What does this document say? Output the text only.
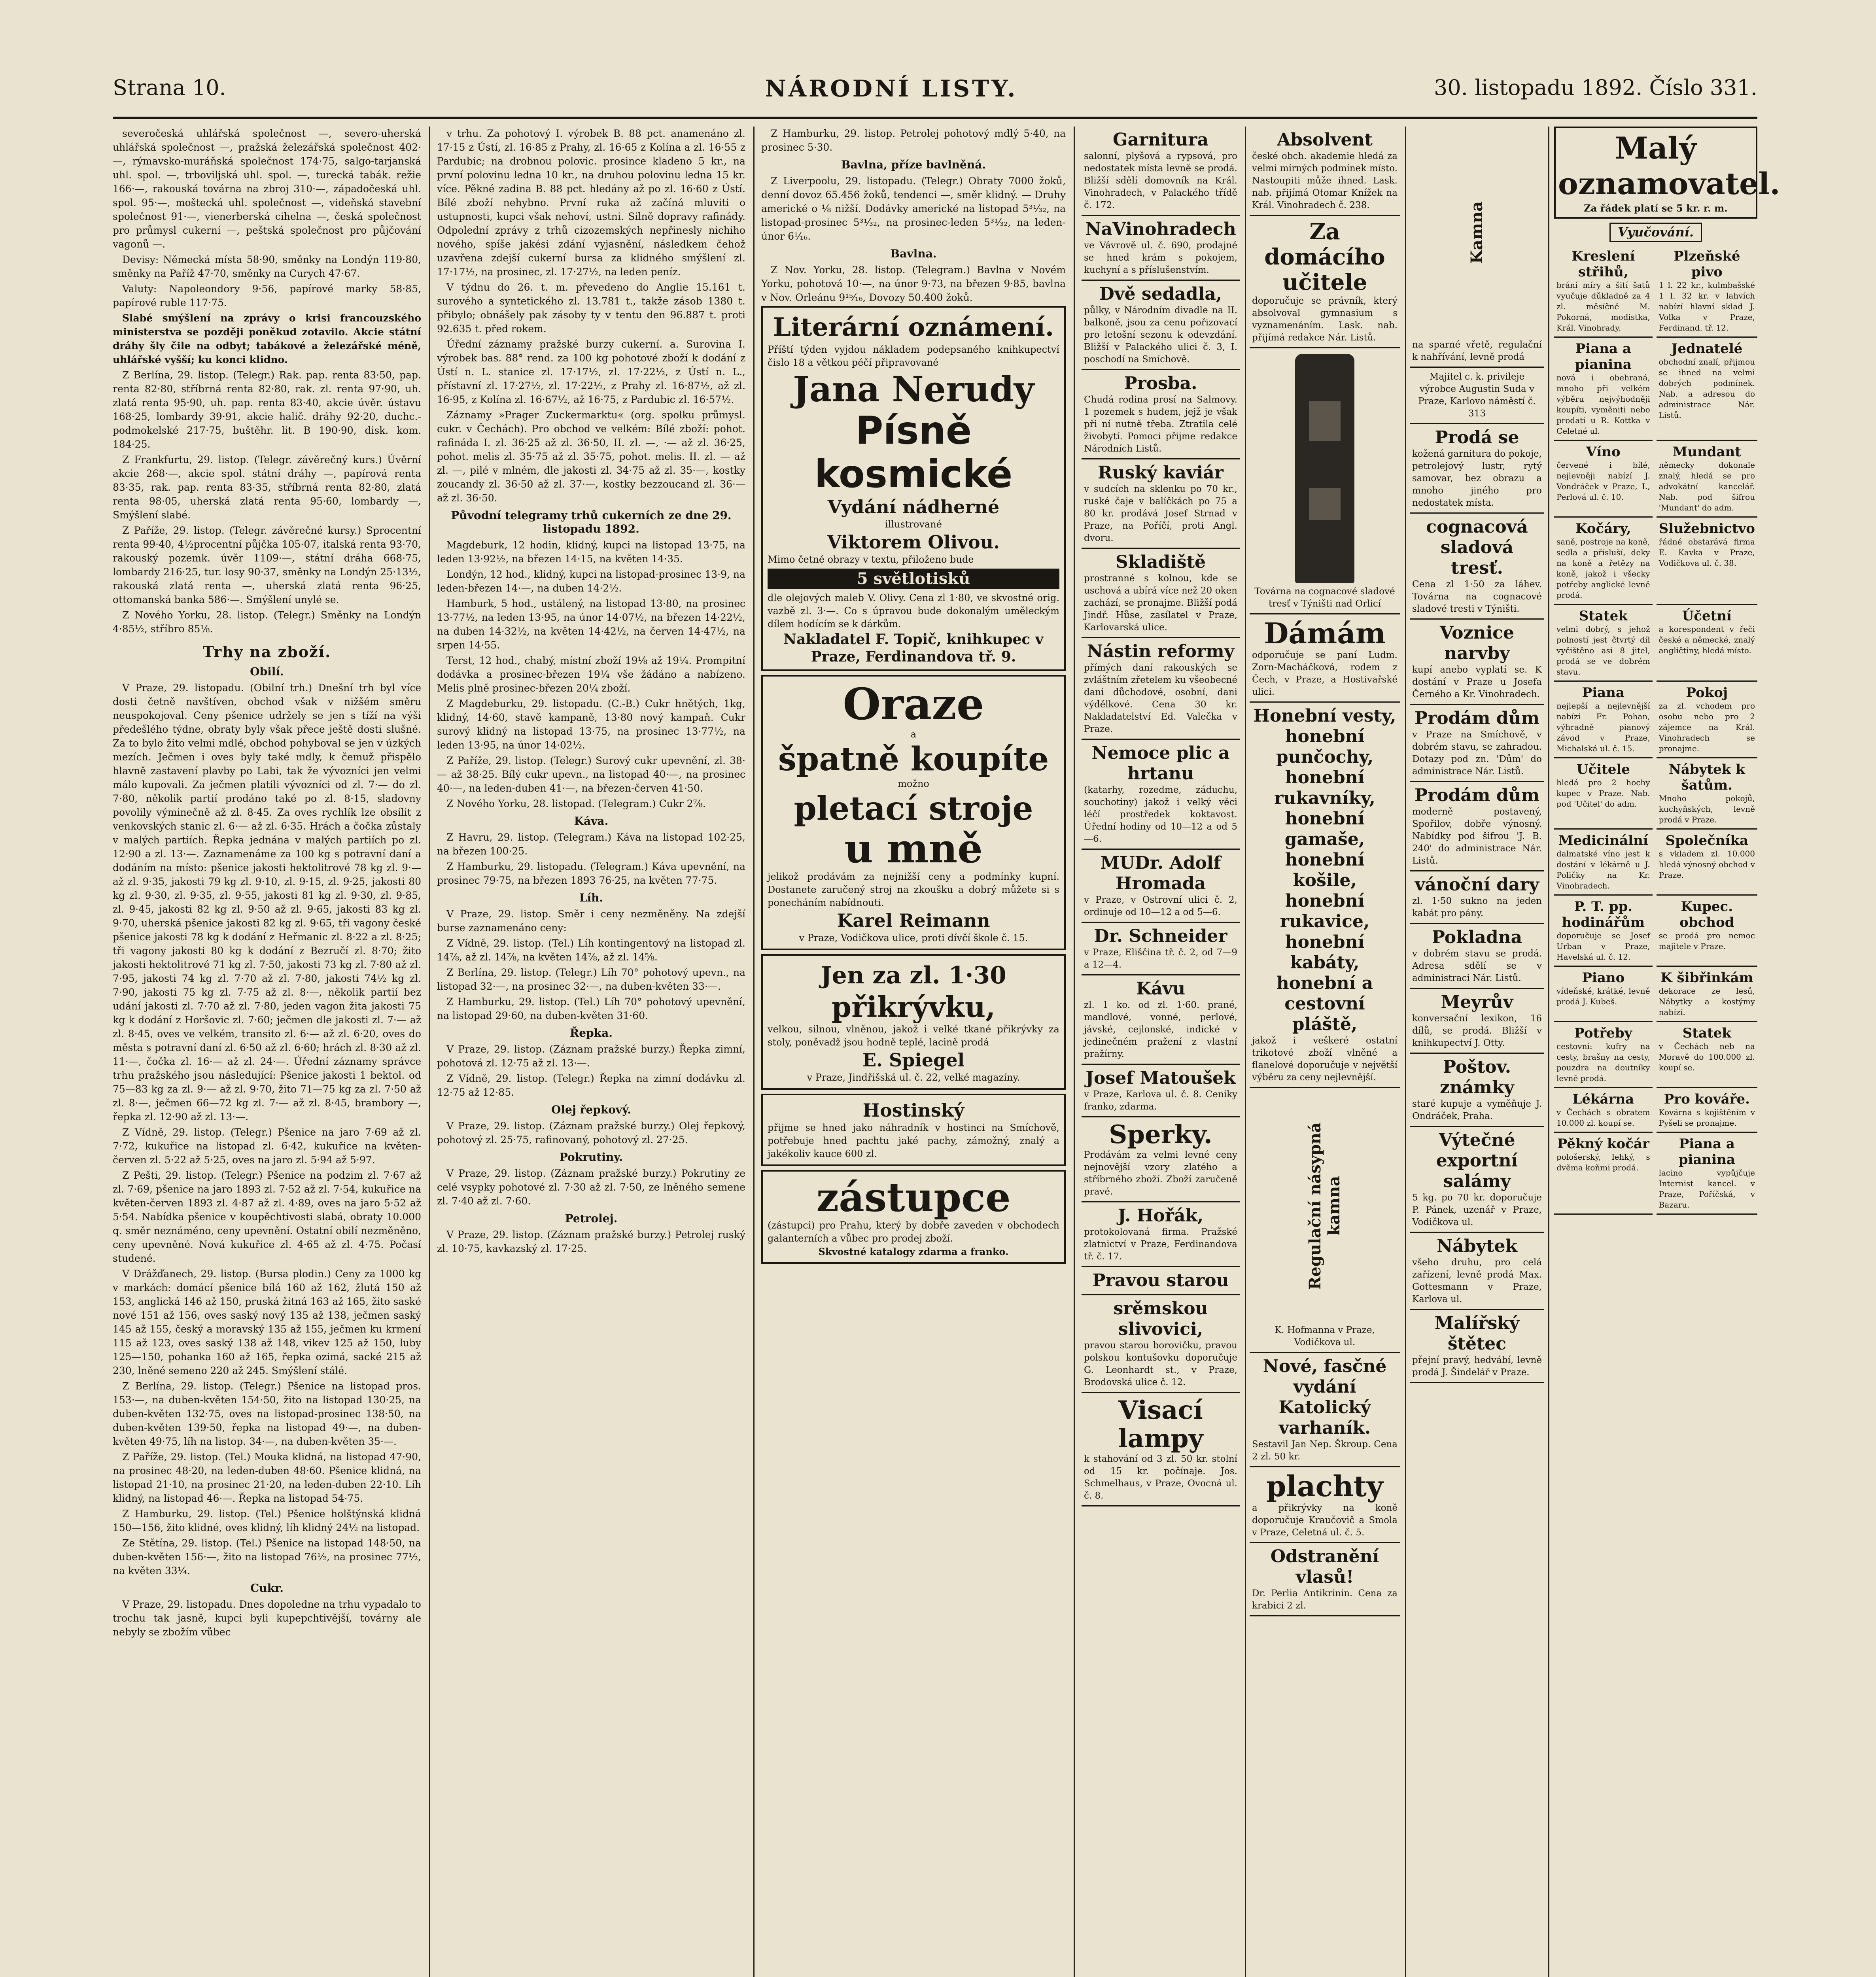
Strana 10.	NÁRODNÍ LISTY.	30. listopadu 1892. Číslo 331.

severočeská uhlářská společnost —, severo-uherská uhlářská společnost —, pražská železářská společnost 402·—, rýmavsko-muráňská společnost 174·75, salgo-tarjanská uhl. spol. —, trboviljská uhl. spol. —, turecká tabák. režie 166·—, rakouská továrna na zbroj 310·—, západočeská uhl. spol. 95·—, moštecká uhl. společnost —, videňská stavební společnost 91·—, vienerberská cihelna —, česká společnost pro průmysl cukerní —, peštská společnost pro půjčování vagonů —.

Devisy: Německá místa 58·90, směnky na Londýn 119·80, směnky na Paříž 47·70, směnky na Curych 47·67.

Valuty: Napoleondory 9·56, papírové marky 58·85, papírové ruble 117·75.

Slabé smýšlení na zprávy o krisi francouzského ministerstva se později poněkud zotavilo. Akcie státní dráhy šly čile na odbyt; tabákové a železářské méně, uhlářské vyšší; ku konci klidno.

Z Berlína, 29. listop. (Telegr.) Rak. pap. renta 83·50, pap. renta 82·80, stříbrná renta 82·80, rak. zl. renta 97·90, uh. zlatá renta 95·90, uh. pap. renta 83·40, akcie úvěr. ústavu 168·25, lombardy 39·91, akcie halič. dráhy 92·20, duchc.-podmokelské 217·75, buštěhr. lit. B 190·90, disk. kom. 184·25.

Z Frankfurtu, 29. listop. (Telegr. závěrečný kurs.) Úvěrní akcie 268·—, akcie spol. státní dráhy —, papírová renta 83·35, rak. pap. renta 83·35, stříbrná renta 82·80, zlatá renta 98·05, uherská zlatá renta 95·60, lombardy —, Smýšlení slabé.

Z Paříže, 29. listop. (Telegr. závěrečné kursy.) Sprocentní renta 99·40, 4½procentní půjčka 105·07, italská renta 93·70, rakouský pozemk. úvěr 1109·—, státní dráha 668·75, lombardy 216·25, tur. losy 90·37, směnky na Londýn 25·13½, rakouská zlatá renta —, uherská zlatá renta 96·25, ottomanská banka 586·—. Smýšlení unylé se.

Z Nového Yorku, 28. listop. (Telegr.) Směnky na Londýn 4·85½, stříbro 85⅛.

Trhy na zboží.
Obilí.

V Praze, 29. listopadu. (Obilní trh.) Dnešní trh byl více dosti četně navštíven, obchod však v nižšém směru neuspokojoval. Ceny pšenice udržely se jen s tíží na výši předešlého týdne, obraty byly však přece ještě dosti slušné. Za to bylo žito velmi mdlé, obchod pohyboval se jen v úzkých mezích. Ječmen i oves byly také mdly, k čemuž přispělo hlavně zastavení plavby po Labi, tak že vývozníci jen velmi málo kupovali. Za ječmen platili vývozníci od zl. 7·— do zl. 7·80, několik partií prodáno také po zl. 8·15, sladovny povolily výminečně až zl. 8·45. Za oves rychlík lze obsílit z venkovských stanic zl. 6·— až zl. 6·35. Hrách a čočka zůstaly v malých partiích. Řepka jednána v malých partiích po zl. 12·90 a zl. 13·—. Zaznamenáme za 100 kg s potravní daní a dodáním na místo: pšenice jakosti hektolitrové 78 kg zl. 9·— až zl. 9·35, jakosti 79 kg zl. 9·10, zl. 9·15, zl. 9·25, jakosti 80 kg zl. 9·30, zl. 9·35, zl. 9·55, jakosti 81 kg zl. 9·30, zl. 9·85, zl. 9·45, jakosti 82 kg zl. 9·50 až zl. 9·65, jakosti 83 kg zl. 9·70, uherská pšenice jakosti 82 kg zl. 9·65, tři vagony české pšenice jakosti 78 kg k dodání z Heřmanic zl. 8·22 a zl. 8·25; tři vagony jakosti 80 kg k dodání z Bezručí zl. 8·70; žito jakosti hektolitrové 71 kg zl. 7·50, jakosti 73 kg zl. 7·80 až zl. 7·95, jakosti 74 kg zl. 7·70 až zl. 7·80, jakosti 74½ kg zl. 7·90, jakosti 75 kg zl. 7·75 až zl. 8·—, několik partií bez udání jakosti zl. 7·70 až zl. 7·80, jeden vagon žita jakosti 75 kg k dodání z Horšovic zl. 7·60; ječmen dle jakosti zl. 7·— až zl. 8·45, oves ve velkém, transito zl. 6·— až zl. 6·20, oves do města s potravní daní zl. 6·50 až zl. 6·60; hrách zl. 8·30 až zl. 11·—, čočka zl. 16·— až zl. 24·—. Úřední záznamy správce trhu pražského jsou následující: Pšenice jakosti 1 bektol. od 75—83 kg za zl. 9·— až zl. 9·70, žito 71—75 kg za zl. 7·50 až zl. 8·—, ječmen 66—72 kg zl. 7·— až zl. 8·45, brambory —, řepka zl. 12·90 až zl. 13·—.

Z Vídně, 29. listop. (Telegr.) Pšenice na jaro 7·69 až zl. 7·72, kukuřice na listopad zl. 6·42, kukuřice na květen-červen zl. 5·22 až 5·25, oves na jaro zl. 5·94 až 5·97.

Z Pešti, 29. listop. (Telegr.) Pšenice na podzim zl. 7·67 až zl. 7·69, pšenice na jaro 1893 zl. 7·52 až zl. 7·54, kukuřice na květen-červen 1893 zl. 4·87 až zl. 4·89, oves na jaro 5·52 až 5·54. Nabídka pšenice v koupěchtivosti slabá, obraty 10.000 q. směr neznáméno, ceny upevnění. Ostatní obilí nezměněno, ceny upevněné. Nová kukuřice zl. 4·65 až zl. 4·75. Počasí studené.

V Drážďanech, 29. listop. (Bursa plodin.) Ceny za 1000 kg v markách: domácí pšenice bílá 160 až 162, žlutá 150 až 153, anglická 146 až 150, pruská žitná 163 až 165, žito saské nové 151 až 156, oves saský nový 135 až 138, ječmen saský 145 až 155, český a moravský 135 až 155, ječmen ku krmení 115 až 123, oves saský 138 až 148, vikev 125 až 150, luby 125—150, pohanka 160 až 165, řepka ozimá, sacké 215 až 230, lněné semeno 220 až 245. Smýšlení stálé.

Z Berlína, 29. listop. (Telegr.) Pšenice na listopad pros. 153·—, na duben-květen 154·50, žito na listopad 130·25, na duben-květen 132·75, oves na listopad-prosinec 138·50, na duben-květen 139·50, řepka na listopad 49·—, na duben-květen 49·75, líh na listop. 34·—, na duben-květen 35·—.

Z Paříže, 29. listop. (Tel.) Mouka klidná, na listopad 47·90, na prosinec 48·20, na leden-duben 48·60. Pšenice klidná, na listopad 21·10, na prosinec 21·20, na leden-duben 22·10. Líh klidný, na listopad 46·—. Řepka na listopad 54·75.

Z Hamburku, 29. listop. (Tel.) Pšenice holštýnská klidná 150—156, žito klidné, oves klidný, líh klidný 24½ na listopad.

Ze Stětína, 29. listop. (Tel.) Pšenice na listopad 148·50, na duben-květen 156·—, žito na listopad 76½, na prosinec 77½, na květen 33¼.

Cukr.

V Praze, 29. listopadu. Dnes dopoledne na trhu vypadalo to trochu tak jasně, kupci byli kupepchtivější, továrny ale nebyly se zbožím vůbec

v trhu. Za pohotový I. výrobek B. 88 pct. anamenáno zl. 17·15 z Ústí, zl. 16·85 z Prahy, zl. 16·65 z Kolína a zl. 16·55 z Pardubic; na drobnou polovic. prosince kladeno 5 kr., na první polovinu ledna 10 kr., na druhou polovinu ledna 15 kr. více. Pěkné zadina B. 88 pct. hledány až po zl. 16·60 z Ústí. Bílé zboží nehybno. První ruka až začíná mluviti o ustupnosti, kupci však nehoví, ustni. Silně dopravy rafinády. Odpolední zprávy z trhů cizozemských nepřinesly nichiho nového, spíše jakési zdání vyjasnění, následkem čehož uzavřena zdejší cukerní bursa za klidného smýšlení zl. 17·17½, na prosinec, zl. 17·27½, na leden peníz.

V týdnu do 26. t. m. převedeno do Anglie 15.161 t. surového a syntetického zl. 13.781 t., takže zásob 1380 t. přibylo; obnášely pak zásoby ty v tentu den 96.887 t. proti 92.635 t. před rokem.

Úřední záznamy pražské burzy cukerní. a. Surovina I. výrobek bas. 88° rend. za 100 kg pohotové zboží k dodání z Ústí n. L. stanice zl. 17·17½, zl. 17·22½, z Ústí n. L., přístavní zl. 17·27½, zl. 17·22½, z Prahy zl. 16·87½, až zl. 16·95, z Kolína zl. 16·67½, až 16·75, z Pardubic zl. 16·57½.

Záznamy »Prager Zuckermarktu« (org. spolku průmysl. cukr. v Čechách). Pro obchod ve velkém: Bílé zboží: pohot. rafináda I. zl. 36·25 až zl. 36·50, II. zl. —, ·— až zl. 36·25, pohot. melis zl. 35·75 až zl. 35·75, pohot. melis. II. zl. — až zl. —, pilé v mlném, dle jakosti zl. 34·75 až zl. 35·—, kostky zoucandy zl. 36·50 až zl. 37·—, kostky bezzoucand zl. 36·— až zl. 36·50.

Původní telegramy trhů cukerních ze dne 29. listopadu 1892.

Magdeburk, 12 hodin, klidný, kupci na listopad 13·75, na leden 13·92½, na březen 14·15, na květen 14·35.

Londýn, 12 hod., klidný, kupci na listopad-prosinec 13·9, na leden-březen 14·—, na duben 14·2½.

Hamburk, 5 hod., ustálený, na listopad 13·80, na prosinec 13·77½, na leden 13·95, na únor 14·07½, na březen 14·22½, na duben 14·32½, na květen 14·42½, na červen 14·47½, na srpen 14·55.

Terst, 12 hod., chabý, místní zboží 19⅛ až 19¼. Prompitní dodávka a prosinec-březen 19¼ vše žádáno a nabízeno. Melis plně prosinec-březen 20¼ zboží.

Z Magdeburku, 29. listopadu. (C.-B.) Cukr hnětých, 1kg, klidný, 14·60, stavě kampaně, 13·80 nový kampaň. Cukr surový klidný na listopad 13·75, na prosinec 13·77½, na leden 13·95, na únor 14·02½.

Z Paříže, 29. listop. (Telegr.) Surový cukr upevnění, zl. 38·— až 38·25. Bílý cukr upevn., na listopad 40·—, na prosinec 40·—, na leden-duben 41·—, na březen-červen 41·50.

Z Nového Yorku, 28. listopad. (Telegram.) Cukr 2⅞.

Káva.

Z Havru, 29. listop. (Telegram.) Káva na listopad 102·25, na březen 100·25.

Z Hamburku, 29. listopadu. (Telegram.) Káva upevnění, na prosinec 79·75, na březen 1893 76·25, na květen 77·75.

Líh.

V Praze, 29. listop. Směr i ceny nezměněny. Na zdejší burse zaznamenáno ceny:

Z Vídně, 29. listop. (Tel.) Líh kontingentový na listopad zl. 14⅞, až zl. 14⅞, na květen 14⅞, až zl. 14⅝.

Z Berlína, 29. listop. (Telegr.) Líh 70° pohotový upevn., na listopad 32·—, na prosinec 32·—, na duben-květen 33·—.

Z Hamburku, 29. listop. (Tel.) Líh 70° pohotový upevnění, na listopad 29·60, na duben-květen 31·60.

Řepka.

V Praze, 29. listop. (Záznam pražské burzy.) Řepka zimní, pohotová zl. 12·75 až zl. 13·—.

Z Vídně, 29. listop. (Telegr.) Řepka na zimní dodávku zl. 12·75 až 12·85.

Olej řepkový.

V Praze, 29. listop. (Záznam pražské burzy.) Olej řepkový, pohotový zl. 25·75, rafinovaný, pohotový zl. 27·25.

Pokrutiny.

V Praze, 29. listop. (Záznam pražské burzy.) Pokrutiny ze celé vsypky pohotové zl. 7·30 až zl. 7·50, ze lněného semene zl. 7·40 až zl. 7·60.

Petrolej.

V Praze, 29. listop. (Záznam pražské burzy.) Petrolej ruský zl. 10·75, kavkazský zl. 17·25.

Z Hamburku, 29. listop. Petrolej pohotový mdlý 5·40, na prosinec 5·30.

Bavlna, příze bavlněná.

Z Liverpoolu, 29. listopadu. (Telegr.) Obraty 7000 žoků, denní dovoz 65.456 žoků, tendenci —, směr klidný. — Druhy americké o ⅛ nižší. Dodávky americké na listopad 5³¹⁄₃₂, na listopad-prosinec 5³¹⁄₃₂, na prosinec-leden 5³¹⁄₃₂, na leden-únor 6¹⁄₁₆.

Bavlna.

Z Nov. Yorku, 28. listop. (Telegram.) Bavlna v Novém Yorku, pohotová 10·—, na únor 9·73, na březen 9·85, bavlna v Nov. Orleánu 9¹⁵⁄₁₆, Dovozy 50.400 žoků.

Literární oznámení.
Příští týden vyjdou nákladem podepsaného knihkupectví čislo 18 a větkou péčí připravované
Jana Nerudy
Písně kosmické
Vydání nádherné
illustrované
Viktorem Olivou.
Mimo četné obrazy v textu, přiloženo bude
5 světlotisků
dle olejových maleb V. Olivy. Cena zl 1·80, ve skvostné orig. vazbě zl. 3·—. Co s úpravou bude dokonalým uměleckým dílem hodícím se k dárkům.
Nakladatel F. Topič, knihkupec v Praze, Ferdinandova tř. 9.
Oraze
a
špatně koupíte
možno
pletací stroje
u mně
jelikož prodávám za nejnižší ceny a podmínky kupní. Dostanete zaručený stroj na zkoušku a dobrý můžete si s ponecháním nabídnouti.
Karel Reimann
v Praze, Vodičkova ulice, proti dívčí škole č. 15.
Jen za zl. 1·30
přikrývku,
velkou, silnou, vlněnou, jakož i velké tkané přikrývky za stoly, poněvadž jsou hodně teplé, lacině prodá
E. Spiegel
v Praze, Jindřišská ul. č. 22, velké magazíny.
Hostinský
přijme se hned jako náhradník v hostinci na Smíchově, potřebuje hned pachtu jaké pachy, zámožný, znalý a jakékoliv kauce 600 zl.
zástupce
(zástupci) pro Prahu, který by dobře zaveden v obchodech galanterních a vůbec pro prodej zboží.
Skvostné katalogy zdarma a franko.
Garnitura
salonní, plyšová a rypsová, pro nedostatek místa levně se prodá. Bližší sdělí domovník na Král. Vinohradech, v Palackého třídě č. 172.
NaVinohradech
ve Vávrově ul. č. 690, prodajné se hned krám s pokojem, kuchyní a s příslušenstvím.
Dvě sedadla,
půlky, v Národním divadle na II. balkoně, jsou za cenu pořizovací pro letošní sezonu k odevzdání. Bližší v Palackého ulici č. 3, I. poschodí na Smíchově.
Prosba.
Chudá rodina prosí na Salmovy. 1 pozemek s hudem, jejž je však při ní nutně třeba. Ztratila celé živobytí. Pomoci přijme redakce Národních Listů.
Ruský kaviár
v sudcích na sklenku po 70 kr., ruské čaje v balíčkách po 75 a 80 kr. prodává Josef Strnad v Praze, na Poříčí, proti Angl. dvoru.
Skladiště
prostranné s kolnou, kde se uschová a ubírá více než 20 oken zachází, se pronajme. Bližší podá Jindř. Hůse, zasílatel v Praze, Karlovarská ulice.
Nástin reformy
přímých daní rakouských se zvláštním zřetelem ku všeobecné dani důchodové, osobní, dani výdělkové. Cena 30 kr. Nakladatelství Ed. Valečka v Praze.
Nemoce plic a hrtanu
(katarhy, rozedme, záduchu, souchotiny) jakož i velký věci léčí prostředek koktavost. Úřední hodiny od 10—12 a od 5—6.
MUDr. Adolf Hromada
v Praze, v Ostrovní ulici č. 2, ordinuje od 10—12 a od 5—6.
Dr. Schneider
v Praze, Eliščina tř. č. 2, od 7—9 a 12—4.
Kávu
zl. 1 ko. od zl. 1·60. prané, mandlové, vonné, perlové, jávské, cejlonské, indické v jedinečném pražení z vlastní pražírny.
Josef Matoušek
v Praze, Karlova ul. č. 8. Ceníky franko, zdarma.
Sperky.
Prodávám za velmi levné ceny nejnovější vzory zlatého a stříbrného zboží. Zboží zaručeně pravé.
J. Hořák,
protokolovaná firma. Pražské zlatnictví v Praze, Ferdinandova tř. č. 17.
Pravou starou
srěmskou slivovici,
pravou starou borovičku, pravou polskou kontušovku doporučuje G. Leonhardt st., v Praze, Brodovská ulice č. 12.
Visací lampy
k stahování od 3 zl. 50 kr. stolní od 15 kr. počínaje. Jos. Schmelhaus, v Praze, Ovocná ul. č. 8.
Absolvent
české obch. akademie hledá za velmi mírných podmínek místo. Nastoupiti může ihned. Lask. nab. přijímá Otomar Knížek na Král. Vinohradech č. 238.
Za domácího učitele
doporučuje se právník, který absolvoval gymnasium s vyznamenáním. Lask. nab. přijímá redakce Nár. Listů.
Továrna na cognacové sladové tresť v Týništi nad Orlicí
Dámám
odporučuje se paní Ludm. Zorn-Macháčková, rodem z Čech, v Praze, a Hostivařské ulici.
Honební vesty, honební punčochy, honební rukavníky, honební gamaše, honební košile, honební rukavice, honební kabáty, honební a cestovní pláště,
jakož i veškeré ostatní trikotové zboží vlněné a flanelové doporučuje v největší výběru za ceny nejlevnější.
Regulační násypná kamna
K. Hofmanna v Praze, Vodičkova ul.
Nové, fasčné vydání Katolický varhaník.
Sestavil Jan Nep. Škroup. Cena 2 zl. 50 kr.
plachty
a přikrývky na koně doporučuje Kraučovič a Smola v Praze, Celetná ul. č. 5.
Odstranění vlasů!
Dr. Perlia Antikrinin. Cena za krabici 2 zl.
Kamna
na sparné vřetě, regulační k nahřívání, levně prodá
Majitel c. k. privileje výrobce Augustin Suda v Praze, Karlovo náměstí č. 313
Prodá se
kožená garnitura do pokoje, petrolejový lustr, rytý samovar, bez obrazu a mnoho jiného pro nedostatek místa.
cognacová sladová tresť.
Cena zl 1·50 za láhev. Továrna na cognacové sladové tresti v Týništi.
Voznice narvby
kupí anebo vyplatí se. K dostání v Praze u Josefa Černého a Kr. Vinohradech.
Prodám dům
v Praze na Smíchově, v dobrém stavu, se zahradou. Dotazy pod zn. 'Dům' do administrace Nár. Listů.
Prodám dům
moderně postavený, Spořilov, dobře výnosný. Nabídky pod šifrou 'J. B. 240' do administrace Nár. Listů.
vánoční dary
zl. 1·50 sukno na jeden kabát pro pány.
Pokladna
v dobrém stavu se prodá. Adresa sdělí se v administraci Nár. Listů.
Meyrův
konversační lexikon, 16 dílů, se prodá. Bližší v knihkupectví J. Otty.
Poštov. známky
staré kupuje a vyměňuje J. Ondráček, Praha.
Výtečné exportní salámy
5 kg. po 70 kr. doporučuje P. Pánek, uzenář v Praze, Vodičkova ul.
Nábytek
všeho druhu, pro celá zařízení, levně prodá Max. Gottesmann v Praze, Karlova ul.
Malířský štětec
přejní pravý, hedvábí, levně prodá J. Šindelář v Praze.
Malý oznamovatel.
Za řádek platí se 5 kr. r. m.
Vyučování.
Kreslení střihů,
brání míry a šití šatů vyučuje důkladně za 4 zl. měsíčně M. Pokorná, modistka, Král. Vinohrady.
Plzeňské pivo
1 l. 22 kr., kulmbašské 1 l. 32 kr. v lahvích nabízí hlavní sklad J. Volka v Praze, Ferdinand. tř. 12.
Piana a pianina
nová i obehraná, mnoho při velkém výběru nejvýhodněji koupíti, vyměniti nebo prodati u R. Kottka v Celetné ul.
Jednatelé
obchodní znalí, přijmou se ihned na velmi dobrých podmínek. Nab. a adresou do administrace Nár. Listů.
Víno
červené i bílé, nejlevněji nabízí J. Vondráček v Praze, I., Perlová ul. č. 10.
Mundant
německy dokonale znalý, hledá se pro advokátní kancelář. Nab. pod šifrou 'Mundant' do adm.
Kočáry,
saně, postroje na koně, sedla a přísluší, deky na koně a řetězy na koně, jakož i všecky potřeby anglické levně prodá.
Služebnictvo
řádné obstarává firma E. Kavka v Praze, Vodičkova ul. č. 38.
Statek
velmi dobrý, s jehož polností jest čtvrtý díl vyčištěno asi 8 jitel, prodá se ve dobrém stavu.
Účetní
a korespondent v řeči české a německé, znalý angličtiny, hledá místo.
Piana
nejlepší a nejlevnější nabízí Fr. Pohan, výhradně pianový závod v Praze, Michalská ul. č. 15.
Pokoj
za zl. vchodem pro osobu nebo pro 2 zájemce na Král. Vinohradech se pronajme.
Učitele
hledá pro 2 hochy kupec v Praze. Nab. pod 'Učitel' do adm.
Nábytek k šatům.
Mnoho pokojů, kuchyňských, levně prodá v Praze.
Medicinální
dalmatské víno jest k dostání v lékárně u J. Poličky na Kr. Vinohradech.
Společníka
s vkladem zl. 10.000 hledá výnosný obchod v Praze.
P. T. pp. hodinářům
doporučuje se Josef Urban v Praze, Havelská ul. č. 12.
Kupec. obchod
se prodá pro nemoc majitele v Praze.
Piano
vídeňské, krátké, levně prodá J. Kubeš.
K šibřinkám
dekorace ze lesů, Nábytky a kostýmy nabízí.
Potřeby
cestovní: kufry na cesty, brašny na cesty, pouzdra na doutníky levně prodá.
Statek
v Čechách neb na Moravě do 100.000 zl. koupí se.
Lékárna
v Čechách s obratem 10.000 zl. koupí se.
Pro kováře.
Kovárna s kojištěním v Pyšeli se pronajme.
Pěkný kočár
pološerský, lehký, s dvěma koňmi prodá.
Piana a pianina
lacino vypůjčuje Internist kancel. v Praze, Poříčská, v Bazaru.
